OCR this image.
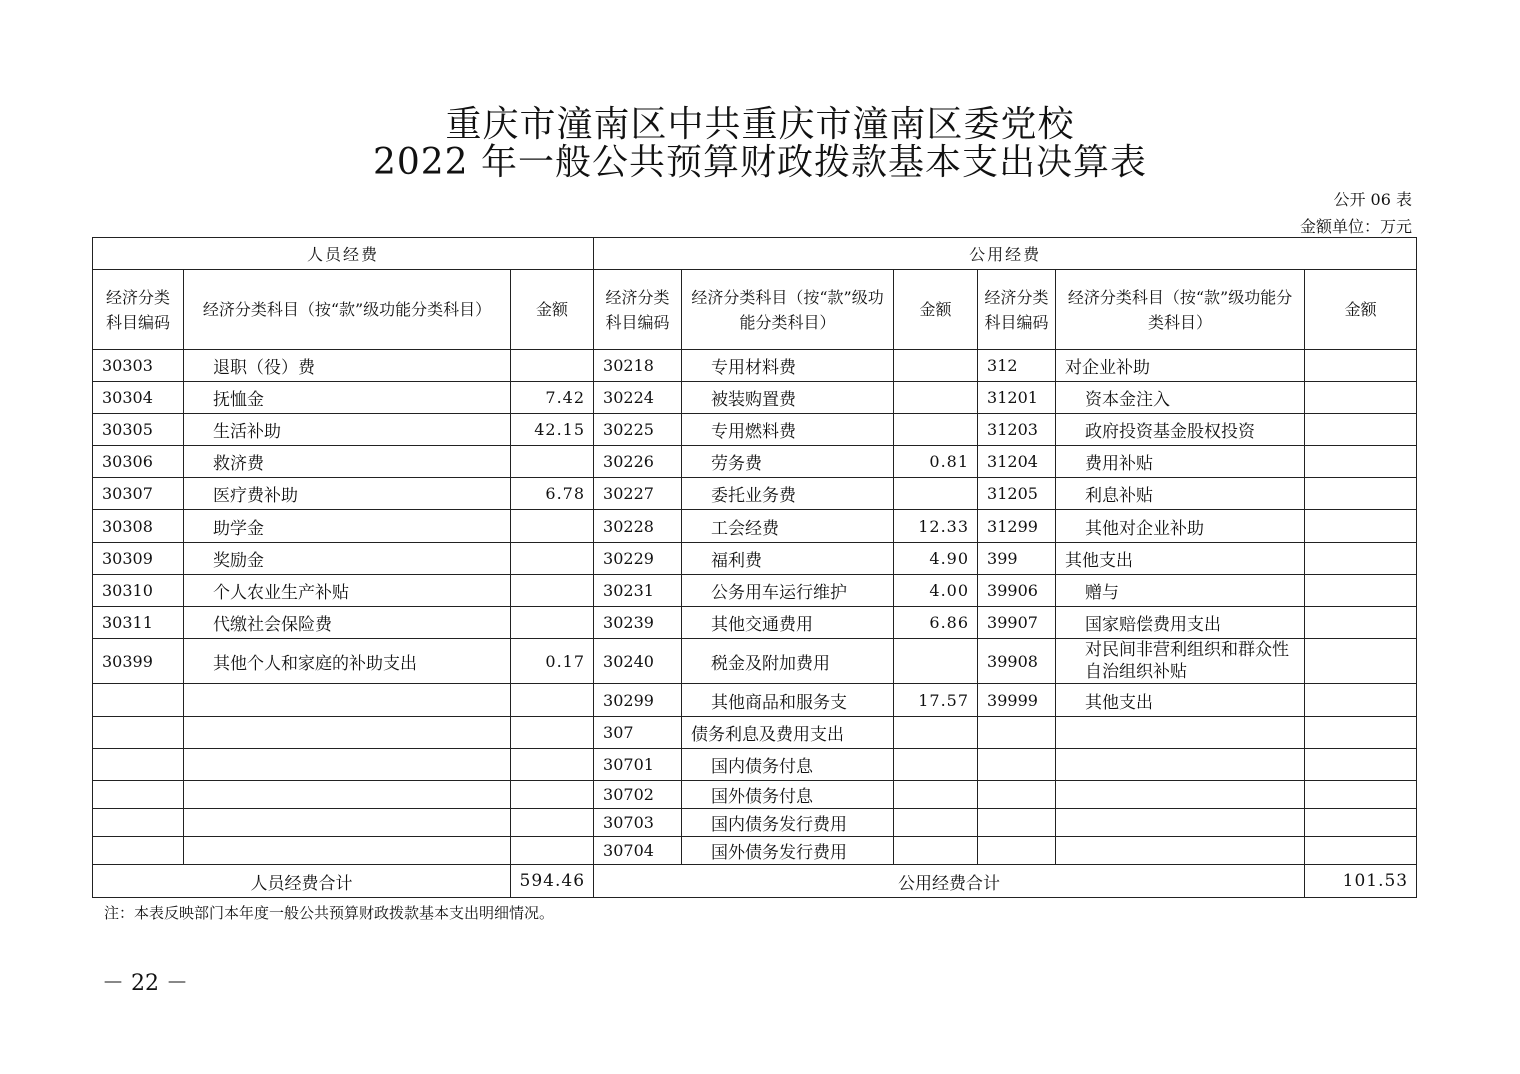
重庆市潼南区中共重庆市潼南区委党校
2022 年一般公共预算财政拨款基本支出决算表
公开 06 表
金额单位：万元
人员经费			公用经费					
经济分类科目编码	经济分类科目（按“款”级功能分类科目）	金额	经济分类科目编码	经济分类科目（按“款”级功能分类科目）	金额	经济分类科目编码	经济分类科目（按“款”级功能分类科目）	金额
30303	退职（役）费		30218	专用材料费		312	对企业补助	
30304	抚恤金	7.42	30224	被装购置费		31201	资本金注入	
30305	生活补助	42.15	30225	专用燃料费		31203	政府投资基金股权投资	
30306	救济费		30226	劳务费	0.81	31204	费用补贴	
30307	医疗费补助	6.78	30227	委托业务费		31205	利息补贴	
30308	助学金		30228	工会经费	12.33	31299	其他对企业补助	
30309	奖励金		30229	福利费	4.90	399	其他支出	
30310	个人农业生产补贴		30231	公务用车运行维护	4.00	39906	赠与	
30311	代缴社会保险费		30239	其他交通费用	6.86	39907	国家赔偿费用支出	
30399	其他个人和家庭的补助支出	0.17	30240	税金及附加费用		39908	对民间非营利组织和群众性自治组织补贴	
			30299	其他商品和服务支	17.57	39999	其他支出	
			307	债务利息及费用支出				
			30701	国内债务付息				
			30702	国外债务付息				
			30703	国内债务发行费用				
			30704	国外债务发行费用				
人员经费合计		594.46	公用经费合计					101.53
注：本表反映部门本年度一般公共预算财政拨款基本支出明细情况。
－ 22 －
